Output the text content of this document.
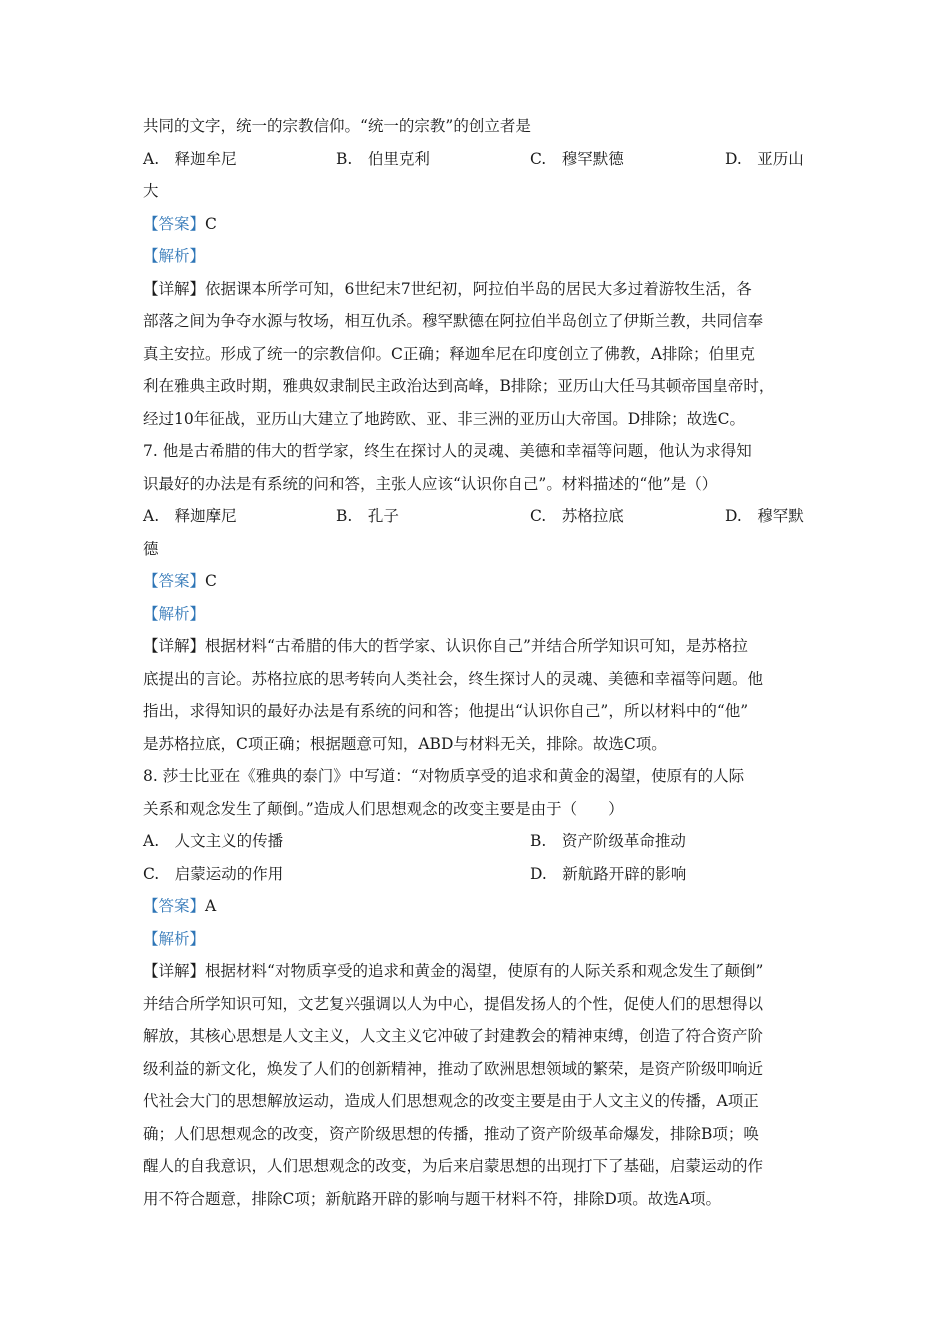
共同的文字，统一的宗教信仰。“统一的宗教”的创立者是
A.　释迦牟尼	B.　伯里克利	C.　穆罕默德	D.　亚历山
大
【答案】C
【解析】
【详解】依据课本所学可知，6世纪末7世纪初，阿拉伯半岛的居民大多过着游牧生活，各
部落之间为争夺水源与牧场，相互仇杀。穆罕默德在阿拉伯半岛创立了伊斯兰教，共同信奉
真主安拉。形成了统一的宗教信仰。C正确；释迦牟尼在印度创立了佛教，A排除；伯里克
利在雅典主政时期，雅典奴隶制民主政治达到高峰，B排除；亚历山大任马其顿帝国皇帝时，
经过10年征战，亚历山大建立了地跨欧、亚、非三洲的亚历山大帝国。D排除；故选C。
7. 他是古希腊的伟大的哲学家，终生在探讨人的灵魂、美德和幸福等问题，他认为求得知
识最好的办法是有系统的问和答，主张人应该“认识你自己”。材料描述的“他”是（）
A.　释迦摩尼	B.　孔子	C.　苏格拉底	D.　穆罕默
德
【答案】C
【解析】
【详解】根据材料“古希腊的伟大的哲学家、认识你自己”并结合所学知识可知，是苏格拉
底提出的言论。苏格拉底的思考转向人类社会，终生探讨人的灵魂、美德和幸福等问题。他
指出，求得知识的最好办法是有系统的问和答；他提出“认识你自己”，所以材料中的“他”
是苏格拉底，C项正确；根据题意可知，ABD与材料无关，排除。故选C项。
8. 莎士比亚在《雅典的泰门》中写道：“对物质享受的追求和黄金的渴望，使原有的人际
关系和观念发生了颠倒。”造成人们思想观念的改变主要是由于（　　）
A.　人文主义的传播	B.　资产阶级革命推动
C.　启蒙运动的作用	D.　新航路开辟的影响
【答案】A
【解析】
【详解】根据材料“对物质享受的追求和黄金的渴望，使原有的人际关系和观念发生了颠倒”
并结合所学知识可知，文艺复兴强调以人为中心，提倡发扬人的个性，促使人们的思想得以
解放，其核心思想是人文主义，人文主义它冲破了封建教会的精神束缚，创造了符合资产阶
级利益的新文化，焕发了人们的创新精神，推动了欧洲思想领域的繁荣，是资产阶级叩响近
代社会大门的思想解放运动，造成人们思想观念的改变主要是由于人文主义的传播，A项正
确；人们思想观念的改变，资产阶级思想的传播，推动了资产阶级革命爆发，排除B项；唤
醒人的自我意识，人们思想观念的改变，为后来启蒙思想的出现打下了基础，启蒙运动的作
用不符合题意，排除C项；新航路开辟的影响与题干材料不符，排除D项。故选A项。
